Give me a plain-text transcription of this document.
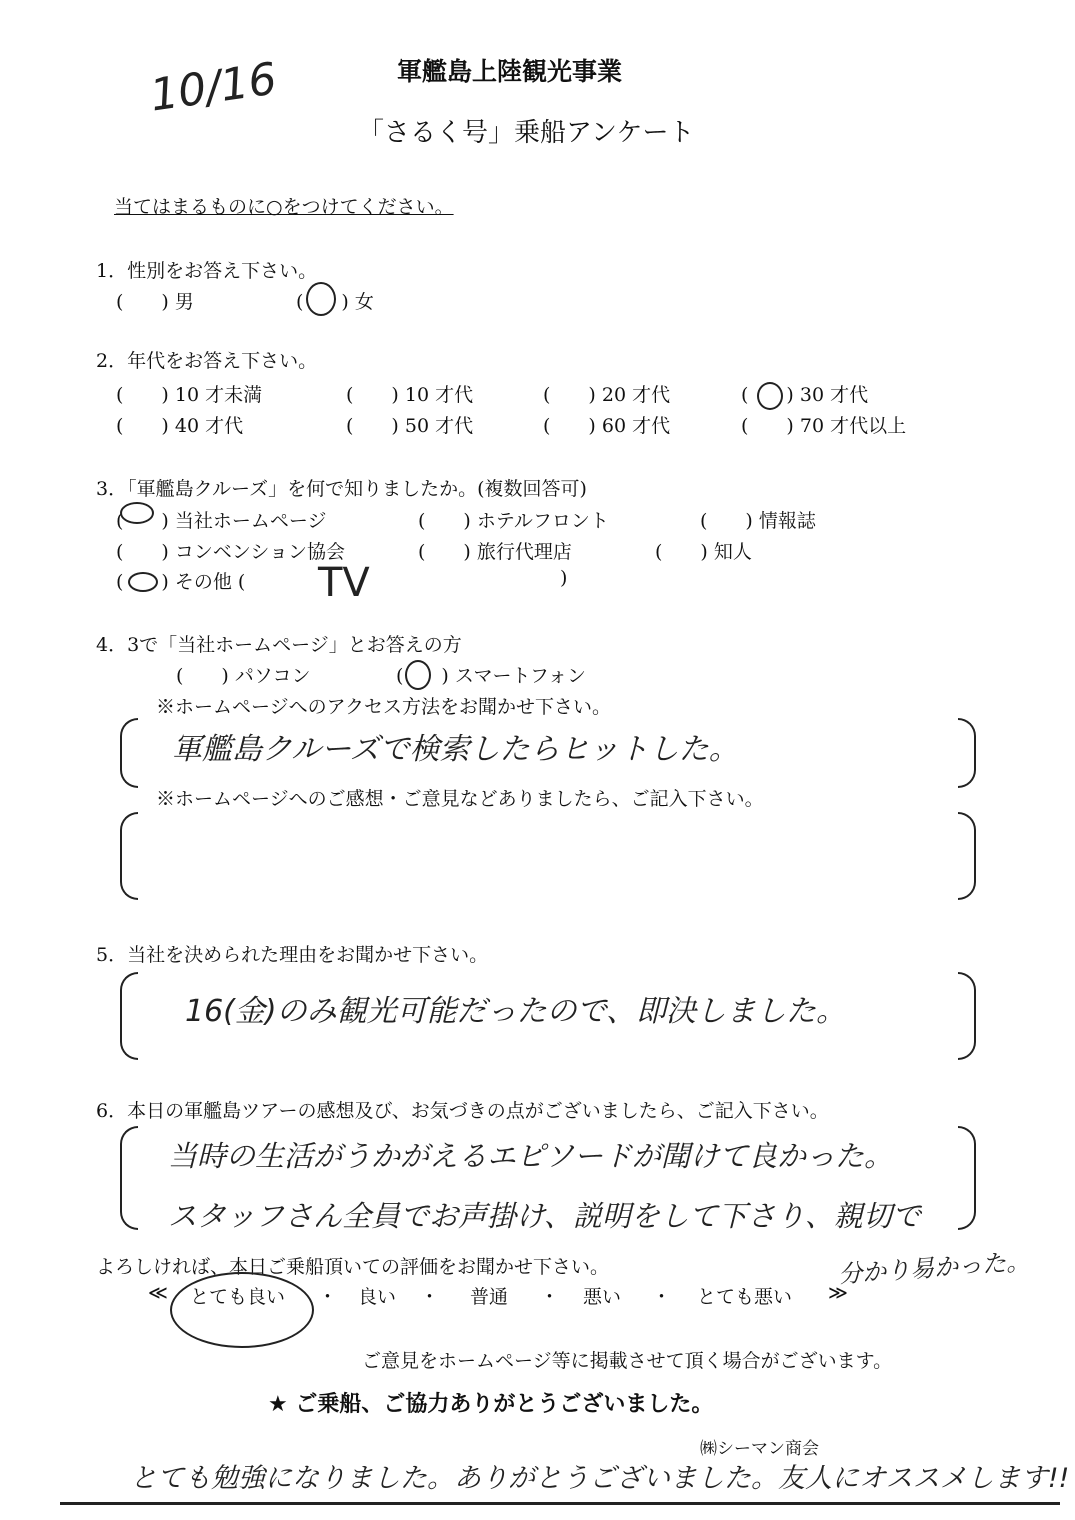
10/16	軍艦島上陸観光事業
「さるく号」乗船アンケート
当てはまるものに○をつけてください。
1．性別をお答え下さい。
(　　) 男	(　　) 女
2．年代をお答え下さい。
(　　) 10 才未満	(　　) 10 才代	(　　) 20 才代	(　　) 30 才代
(　　) 40 才代	(　　) 50 才代	(　　) 60 才代	(　　) 70 才代以上
3．「軍艦島クルーズ」を何で知りましたか。(複数回答可)
(　　) 当社ホームページ	(　　) ホテルフロント	(　　) 情報誌
(　　) コンベンション協会	(　　) 旅行代理店	(　　) 知人
(　　) その他 ( TV	)
4．3で「当社ホームページ」とお答えの方
(　　) パソコン	(　　) スマートフォン
※ホームページへのアクセス方法をお聞かせ下さい。
軍艦島クルーズで検索したらヒットした。
※ホームページへのご感想・ご意見などありましたら、ご記入下さい。
5．当社を決められた理由をお聞かせ下さい。
16(金)のみ観光可能だったので、即決しました。
6．本日の軍艦島ツアーの感想及び、お気づきの点がございましたら、ご記入下さい。
当時の生活がうかがえるエピソードが聞けて良かった。
スタッフさん全員でお声掛け、説明をして下さり、親切で
分かり易かった。
よろしければ、本日ご乗船頂いての評価をお聞かせ下さい。
≪ とても良い ・ 良い ・ 普通 ・ 悪い ・ とても悪い ≫
ご意見をホームページ等に掲載させて頂く場合がございます。
★ ご乗船、ご協力ありがとうございました。
㈱シーマン商会
とても勉強になりました。ありがとうございました。友人にオススメします!!
